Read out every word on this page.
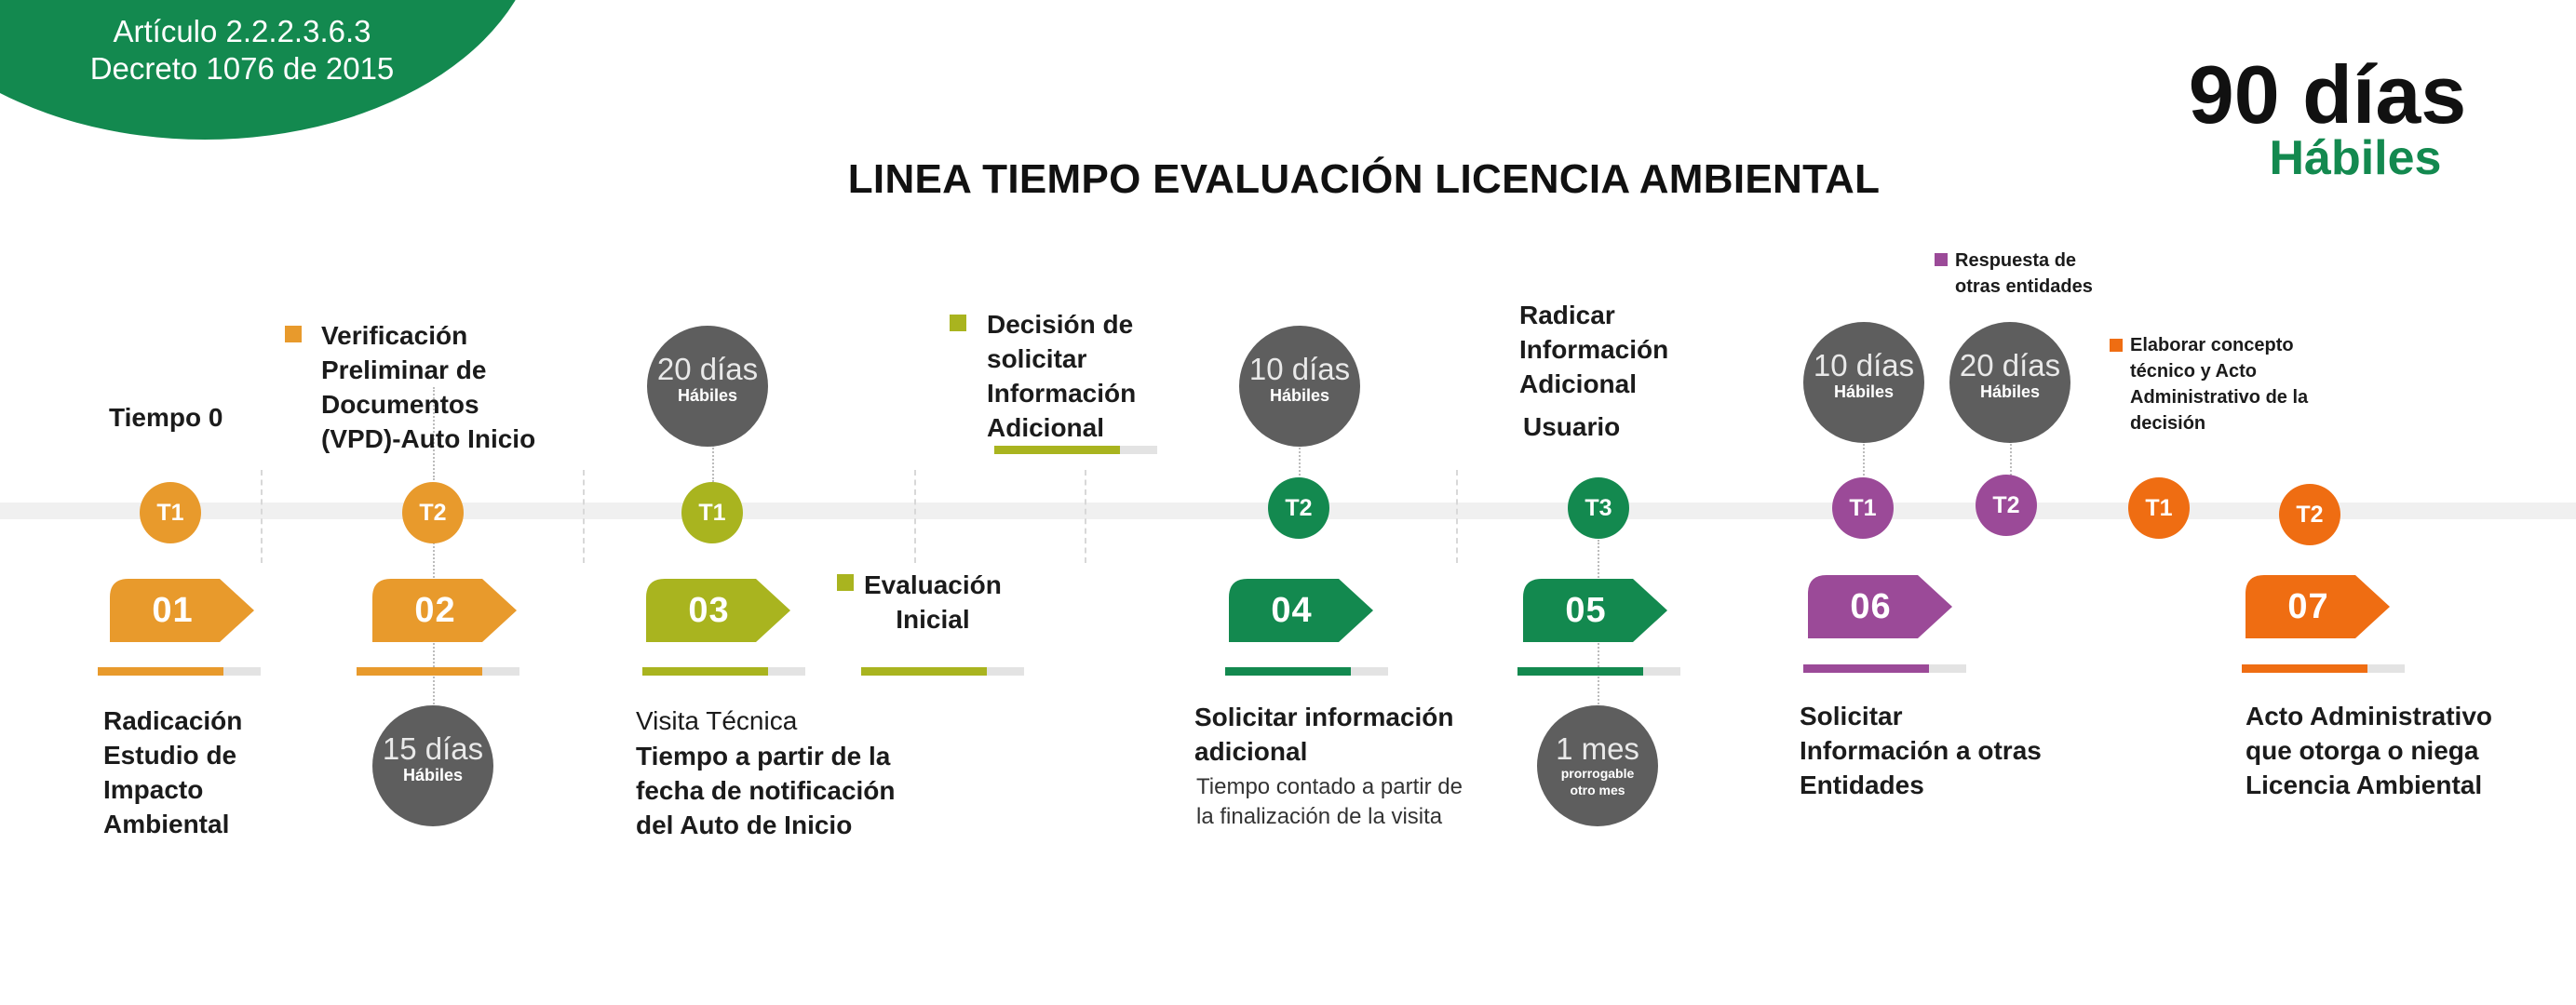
Artículo 2.2.2.3.6.3
Decreto 1076 de 2015
LINEA TIEMPO EVALUACIÓN LICENCIA AMBIENTAL
90 días
Hábiles
T1	T2	T1	T2	T3	T1	T2	T1	T2
01	02	03	04	05	06	07
15 días
Hábiles
20 días
Hábiles
10 días
Hábiles
1 mes
prorrogable
otro mes
10 días
Hábiles
20 días
Hábiles
Tiempo 0
Verificación
Preliminar de
Documentos
(VPD)-Auto Inicio
Decisión de
solicitar
Información
Adicional
Radicar
Información
Adicional
Usuario
Respuesta de
otras entidades
Elaborar concepto
técnico y Acto
Administrativo de la
decisión
Evaluación
Inicial
Radicación
Estudio de
Impacto
Ambiental
Visita Técnica
Tiempo a partir de la
fecha de notificación
del Auto de Inicio
Solicitar información
adicional
Tiempo contado a partir de
la finalización de la visita
Solicitar
Información a otras
Entidades
Acto Administrativo
que otorga o niega
Licencia Ambiental
